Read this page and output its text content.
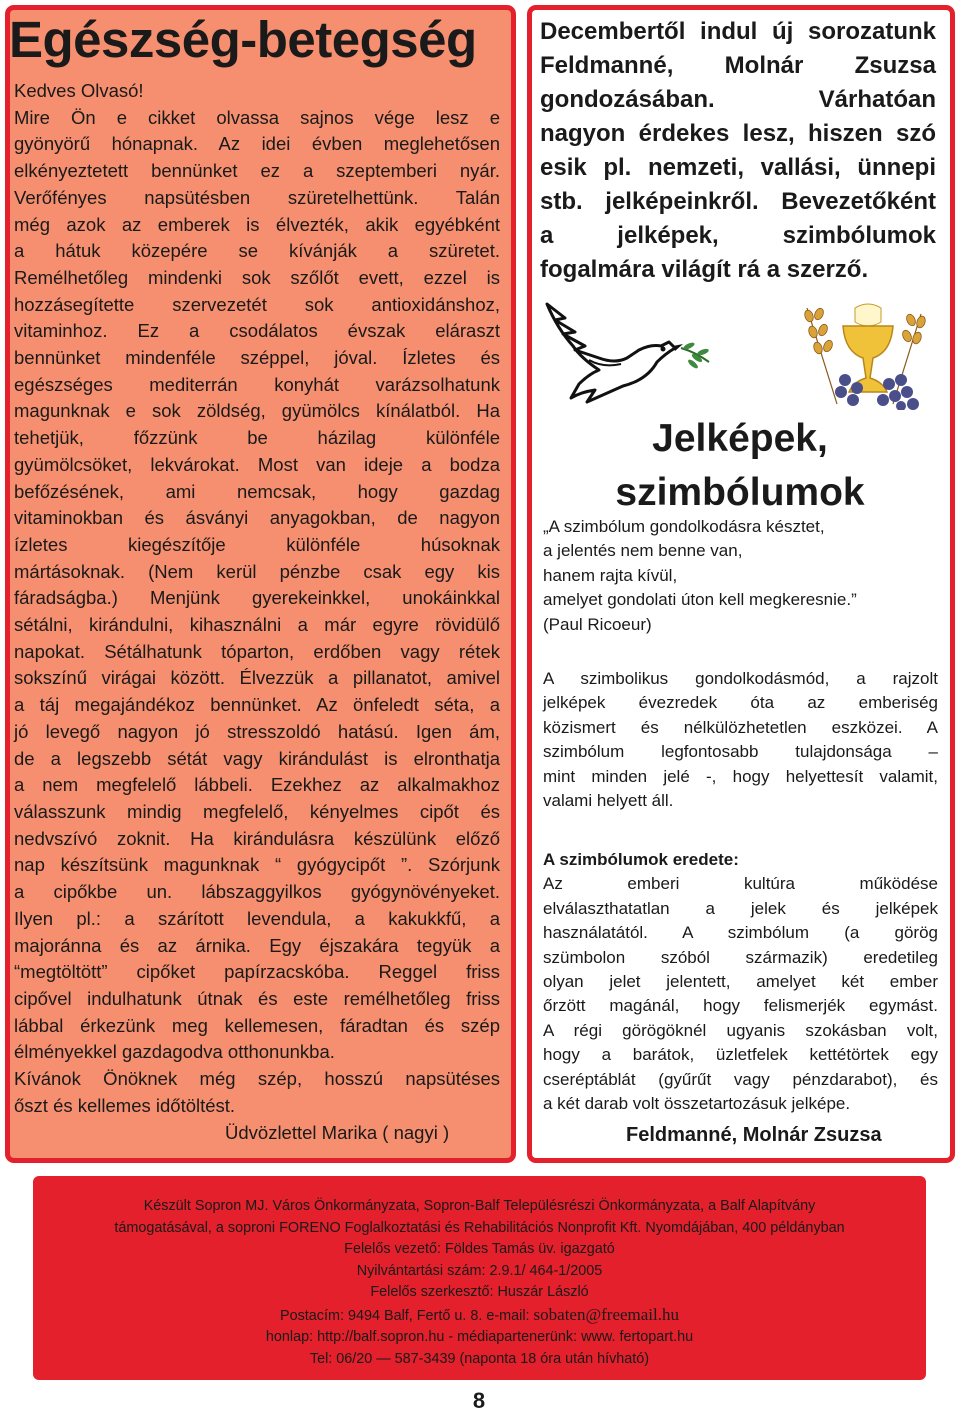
Egészség-betegség

Kedves Olvasó!

Mire Ön e cikket olvassa sajnos vége lesz e

gyönyörű hónapnak. Az idei évben meglehetősen

elkényeztetett bennünket ez a szeptemberi nyár.

Verőfényes napsütésben szüretelhettünk. Talán

még azok az emberek is élvezték, akik egyébként

a hátuk közepére se kívánják a szüretet.

Remélhetőleg mindenki sok szőlőt evett, ezzel is

hozzásegítette szervezetét sok antioxidánshoz,

vitaminhoz. Ez a csodálatos évszak eláraszt

bennünket mindenféle széppel, jóval. Ízletes és

egészséges mediterrán konyhát varázsolhatunk

magunknak e sok zöldség, gyümölcs kínálatból. Ha

tehetjük, főzzünk be házilag különféle

gyümölcsöket, lekvárokat. Most van ideje a bodza

befőzésének, ami nemcsak, hogy gazdag

vitaminokban és ásványi anyagokban, de nagyon

ízletes kiegészítője különféle húsoknak

mártásoknak. (Nem kerül pénzbe csak egy kis

fáradságba.) Menjünk gyerekeinkkel, unokáinkkal

sétálni, kirándulni, kihasználni a már egyre rövidülő

napokat. Sétálhatunk tóparton, erdőben vagy rétek

sokszínű virágai között. Élvezzük a pillanatot, amivel

a táj megajándékoz bennünket. Az önfeledt séta, a

jó levegő nagyon jó stresszoldó hatású. Igen ám,

de a legszebb sétát vagy kirándulást is elronthatja

a nem megfelelő lábbeli. Ezekhez az alkalmakhoz

válasszunk mindig megfelelő, kényelmes cipőt és

nedvszívó zoknit. Ha kirándulásra készülünk előző

nap készítsünk magunknak “ gyógycipőt ”. Szórjunk

a cipőkbe un. lábszaggyilkos gyógynövényeket.

Ilyen pl.: a szárított levendula, a kakukkfű, a

majoránna és az árnika. Egy éjszakára tegyük a

“megtöltött” cipőket papírzacskóba. Reggel friss

cipővel indulhatunk útnak és este remélhetőleg friss

lábbal érkezünk meg kellemesen, fáradtan és szép

élményekkel gazdagodva otthonunkba.

Kívánok Önöknek még szép, hosszú napsütéses

őszt és kellemes időtöltést.

Üdvözlettel Marika ( nagyi )

Decembertől indul új sorozatunk

Feldmanné, Molnár Zsuzsa

gondozásában. Várhatóan

nagyon érdekes lesz, hiszen szó

esik pl. nemzeti, vallási, ünnepi

stb. jelképeinkről. Bevezetőként

a jelképek, szimbólumok

fogalmára világít rá a szerző.

Jelképek,
szimbólumok

„A szimbólum gondolkodásra késztet,

a jelentés nem benne van,

hanem rajta kívül,

amelyet gondolati úton kell megkeresnie.”

(Paul Ricoeur)

A szimbolikus gondolkodásmód, a rajzolt

jelképek évezredek óta az emberiség

közismert és nélkülözhetetlen eszközei. A

szimbólum legfontosabb tulajdonsága –

mint minden jelé -, hogy helyettesít valamit,

valami helyett áll.

A szimbólumok eredete:

Az emberi kultúra működése

elválaszthatatlan a jelek és jelképek

használatától. A szimbólum (a görög

szümbolon szóból származik) eredetileg

olyan jelet jelentett, amelyet két ember

őrzött magánál, hogy felismerjék egymást.

A régi görögöknél ugyanis szokásban volt,

hogy a barátok, üzletfelek kettétörtek egy

cseréptáblát (gyűrűt vagy pénzdarabot), és

a két darab volt összetartozásuk jelképe.

Feldmanné, Molnár Zsuzsa

Készült Sopron MJ. Város Önkormányzata, Sopron-Balf Településrészi Önkormányzata, a Balf Alapítvány

támogatásával, a soproni FORENO Foglalkoztatási és Rehabilitációs Nonprofit Kft. Nyomdájában, 400 példányban

Felelős vezető: Földes Tamás üv. igazgató

Nyilvántartási szám: 2.9.1/ 464-1/2005

Felelős szerkesztő: Huszár László

Postacím: 9494 Balf, Fertő u. 8. e-mail: sobaten@freemail.hu

honlap: http://balf.sopron.hu - médiapartenerünk: www. fertopart.hu

Tel: 06/20 — 587-3439 (naponta 18 óra után hívható)

8
